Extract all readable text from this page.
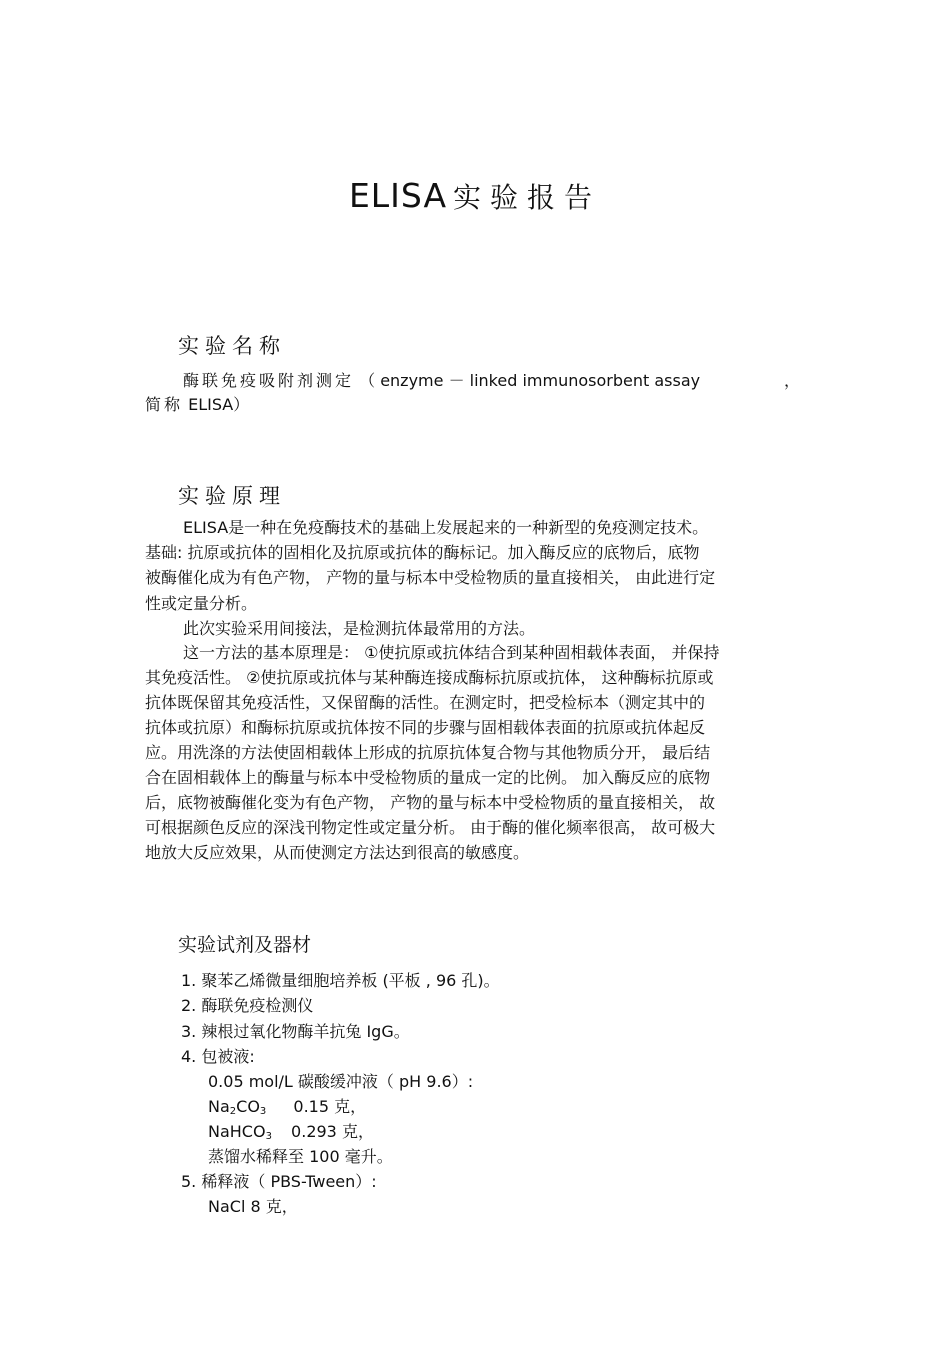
ELISA 实验报告
实验名称
酶联免疫吸附剂测定 （ enzyme － linked immunosorbent assay	，
简称 ELISA）
实验原理
ELISA是一种在免疫酶技术的基础上发展起来的一种新型的免疫测定技术。
基础: 抗原或抗体的固相化及抗原或抗体的酶标记。加入酶反应的底物后，底物
被酶催化成为有色产物， 产物的量与标本中受检物质的量直接相关， 由此进行定
性或定量分析。
此次实验采用间接法，是检测抗体最常用的方法。
这一方法的基本原理是： ①使抗原或抗体结合到某种固相载体表面， 并保持
其免疫活性。 ②使抗原或抗体与某种酶连接成酶标抗原或抗体， 这种酶标抗原或
抗体既保留其免疫活性，又保留酶的活性。在测定时，把受检标本（测定其中的
抗体或抗原）和酶标抗原或抗体按不同的步骤与固相载体表面的抗原或抗体起反
应。用洗涤的方法使固相载体上形成的抗原抗体复合物与其他物质分开， 最后结
合在固相载体上的酶量与标本中受检物质的量成一定的比例。 加入酶反应的底物
后，底物被酶催化变为有色产物， 产物的量与标本中受检物质的量直接相关， 故
可根据颜色反应的深浅刊物定性或定量分析。 由于酶的催化频率很高， 故可极大
地放大反应效果，从而使测定方法达到很高的敏感度。
实验试剂及器材
1. 聚苯乙烯微量细胞培养板 (平板 , 96 孔)。
2. 酶联免疫检测仪
3. 辣根过氧化物酶羊抗兔 IgG。
4. 包被液:
0.05 mol/L 碳酸缓冲液（ pH 9.6）:
$Na_2CO_3$ 0.15 克，
NaHCO$_3$ 0.293 克，
蒸馏水稀释至 100 毫升。
5. 稀释液（ PBS-Tween）:
NaCl 8 克，
